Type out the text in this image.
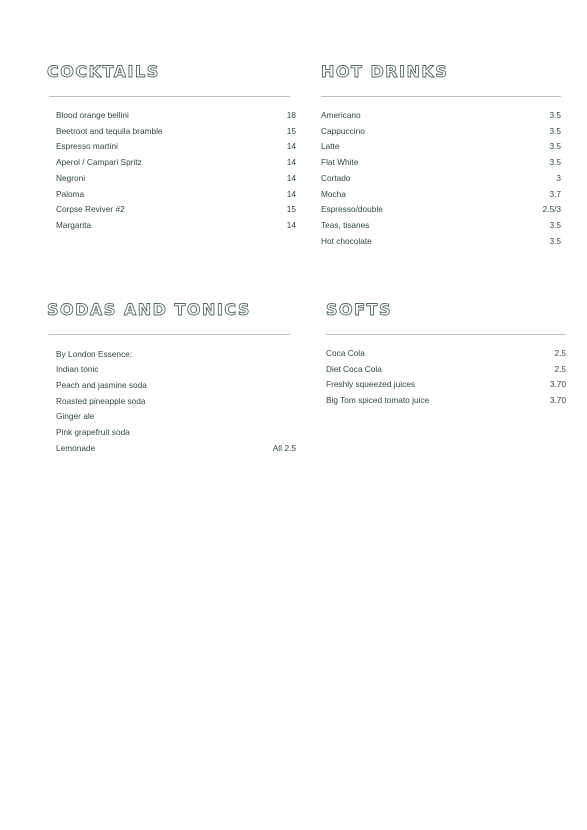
COCKTAILS
Blood orange bellini	18
Beetroot and tequila bramble	15
Espresso martini	14
Aperol / Campari Spritz	14
Negroni	14
Paloma	14
Corpse Reviver #2	15
Margarita	14
HOT DRINKS
Americano	3.5
Cappuccino	3.5
Latte	3.5
Flat White	3.5
Cortado	3
Mocha	3.7
Espresso/double	2.5/3
Teas, tisanes	3.5
Hot chocolate	3.5
SODAS AND TONICS
By London Essence:
Indian tonic
Peach and jasmine soda
Roasted pineapple soda
Ginger ale
Pink grapefruit soda
Lemonade	All 2.5
SOFTS
Coca Cola	2.5
Diet Coca Cola	2.5
Freshly squeezed juices	3.70
Big Tom spiced tomato juice	3.70
